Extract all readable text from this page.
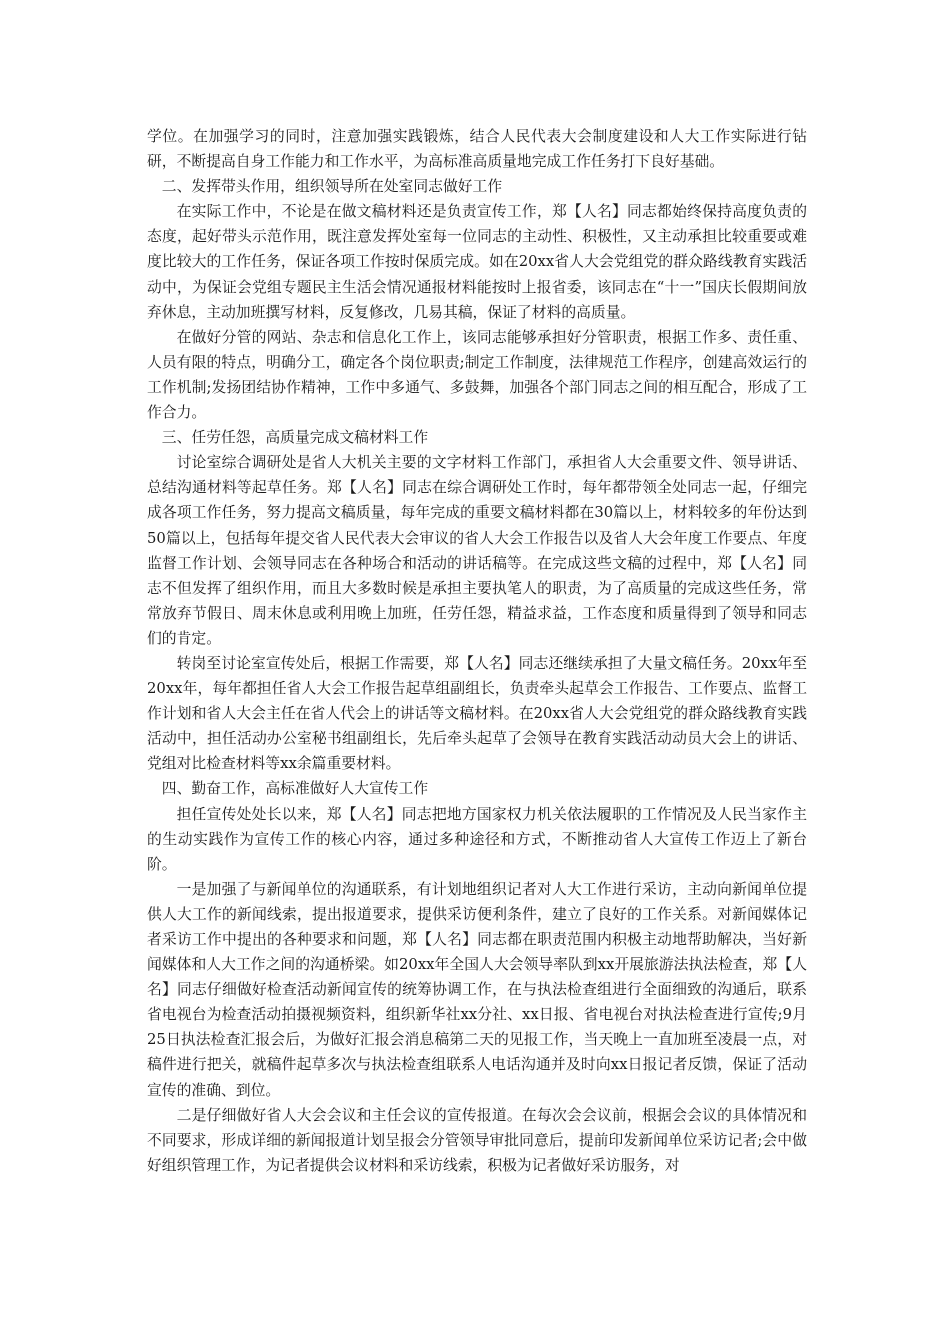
学位。在加强学习的同时，注意加强实践锻炼，结合人民代表大会制度建设和人大工作实际进行钻研，不断提高自身工作能力和工作水平，为高标准高质量地完成工作任务打下良好基础。

二、发挥带头作用，组织领导所在处室同志做好工作

在实际工作中，不论是在做文稿材料还是负责宣传工作，郑【人名】同志都始终保持高度负责的态度，起好带头示范作用，既注意发挥处室每一位同志的主动性、积极性，又主动承担比较重要或难度比较大的工作任务，保证各项工作按时保质完成。如在20xx省人大会党组党的群众路线教育实践活动中，为保证会党组专题民主生活会情况通报材料能按时上报省委，该同志在“十一”国庆长假期间放弃休息，主动加班撰写材料，反复修改，几易其稿，保证了材料的高质量。

在做好分管的网站、杂志和信息化工作上，该同志能够承担好分管职责，根据工作多、责任重、人员有限的特点，明确分工，确定各个岗位职责;制定工作制度，法律规范工作程序，创建高效运行的工作机制;发扬团结协作精神，工作中多通气、多鼓舞，加强各个部门同志之间的相互配合，形成了工作合力。

三、任劳任怨，高质量完成文稿材料工作

讨论室综合调研处是省人大机关主要的文字材料工作部门，承担省人大会重要文件、领导讲话、总结沟通材料等起草任务。郑【人名】同志在综合调研处工作时，每年都带领全处同志一起，仔细完成各项工作任务，努力提高文稿质量，每年完成的重要文稿材料都在30篇以上，材料较多的年份达到50篇以上，包括每年提交省人民代表大会审议的省人大会工作报告以及省人大会年度工作要点、年度监督工作计划、会领导同志在各种场合和活动的讲话稿等。在完成这些文稿的过程中，郑【人名】同志不但发挥了组织作用，而且大多数时候是承担主要执笔人的职责，为了高质量的完成这些任务，常常放弃节假日、周末休息或利用晚上加班，任劳任怨，精益求益，工作态度和质量得到了领导和同志们的肯定。

转岗至讨论室宣传处后，根据工作需要，郑【人名】同志还继续承担了大量文稿任务。20xx年至20xx年，每年都担任省人大会工作报告起草组副组长，负责牵头起草会工作报告、工作要点、监督工作计划和省人大会主任在省人代会上的讲话等文稿材料。在20xx省人大会党组党的群众路线教育实践活动中，担任活动办公室秘书组副组长，先后牵头起草了会领导在教育实践活动动员大会上的讲话、党组对比检查材料等xx余篇重要材料。

四、勤奋工作，高标准做好人大宣传工作

担任宣传处处长以来，郑【人名】同志把地方国家权力机关依法履职的工作情况及人民当家作主的生动实践作为宣传工作的核心内容，通过多种途径和方式，不断推动省人大宣传工作迈上了新台阶。

一是加强了与新闻单位的沟通联系，有计划地组织记者对人大工作进行采访，主动向新闻单位提供人大工作的新闻线索，提出报道要求，提供采访便利条件，建立了良好的工作关系。对新闻媒体记者采访工作中提出的各种要求和问题，郑【人名】同志都在职责范围内积极主动地帮助解决，当好新闻媒体和人大工作之间的沟通桥梁。如20xx年全国人大会领导率队到xx开展旅游法执法检查，郑【人名】同志仔细做好检查活动新闻宣传的统筹协调工作，在与执法检查组进行全面细致的沟通后，联系省电视台为检查活动拍摄视频资料，组织新华社xx分社、xx日报、省电视台对执法检查进行宣传;9月25日执法检查汇报会后，为做好汇报会消息稿第二天的见报工作，当天晚上一直加班至凌晨一点，对稿件进行把关，就稿件起草多次与执法检查组联系人电话沟通并及时向xx日报记者反馈，保证了活动宣传的准确、到位。

二是仔细做好省人大会会议和主任会议的宣传报道。在每次会会议前，根据会会议的具体情况和不同要求，形成详细的新闻报道计划呈报会分管领导审批同意后，提前印发新闻单位采访记者;会中做好组织管理工作，为记者提供会议材料和采访线索，积极为记者做好采访服务，对
